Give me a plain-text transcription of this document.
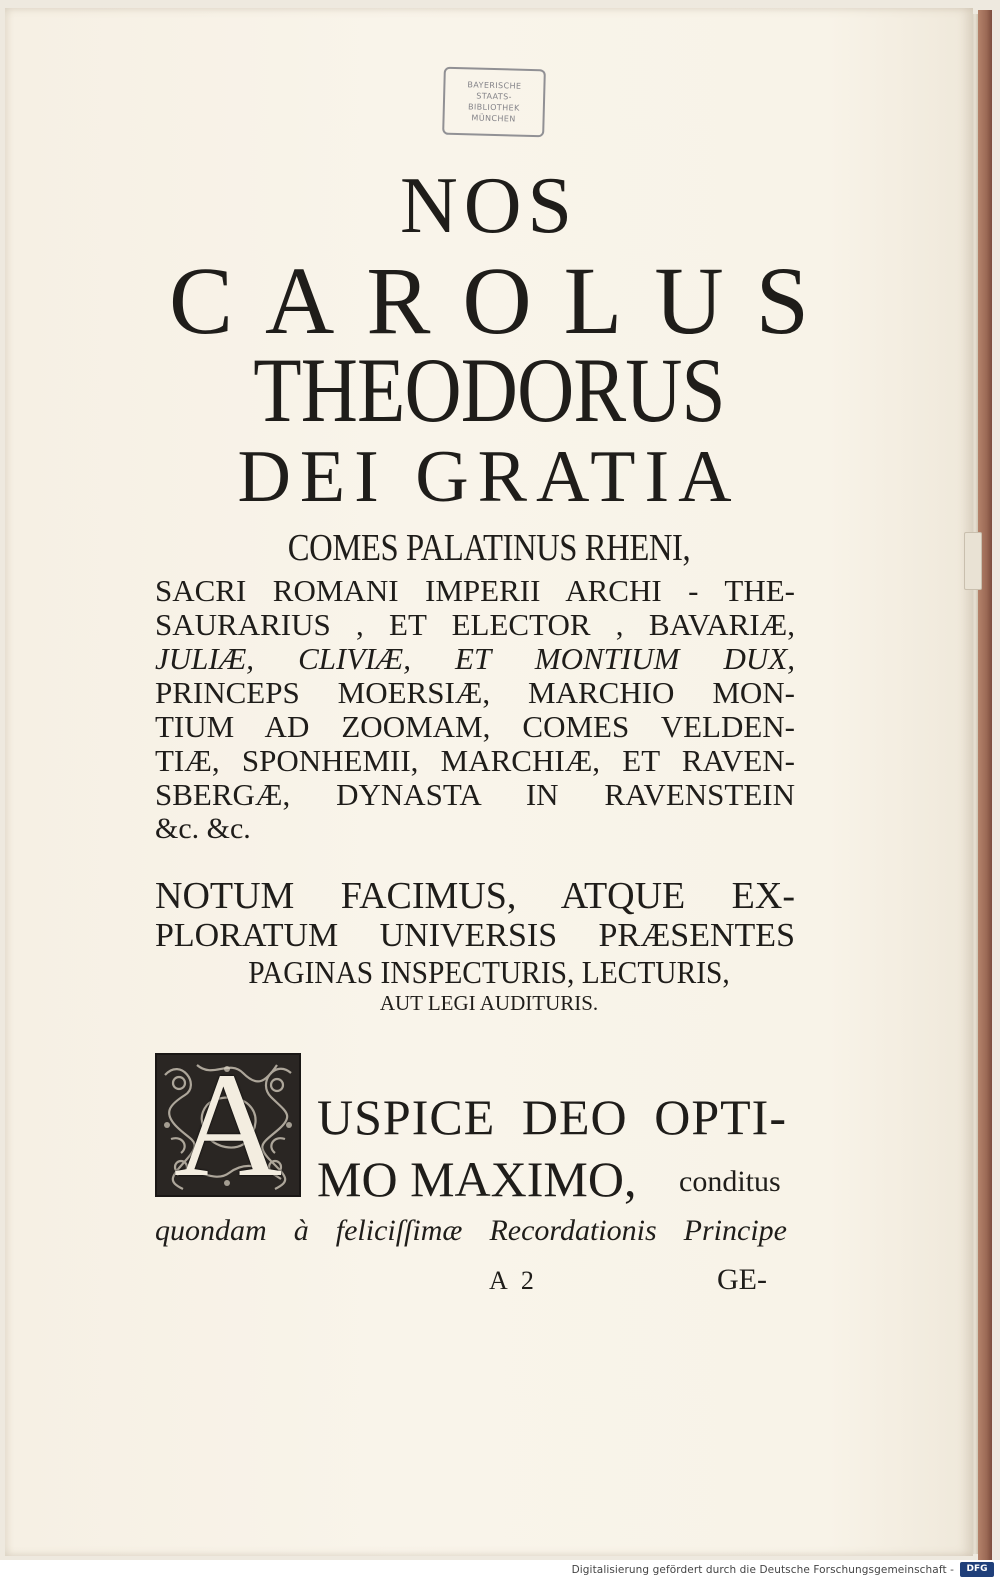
BAYERISCHE
STAATS-
BIBLIOTHEK
MÜNCHEN
NOS
CAROLUS
THEODORUS
DEI GRATIA
COMES PALATINUS RHENI,
SACRI ROMANI IMPERII ARCHI - THE-
SAURARIUS , ET ELECTOR , BAVARIÆ,
JULIÆ, CLIVIÆ, ET MONTIUM DUX,
PRINCEPS MOERSIÆ, MARCHIO MON-
TIUM AD ZOOMAM, COMES VELDEN-
TIÆ, SPONHEMII, MARCHIÆ, ET RAVEN-
SBERGÆ, DYNASTA IN RAVENSTEIN
&c. &c.
NOTUM FACIMUS, ATQUE EX-
PLORATUM UNIVERSIS PRÆSENTES
PAGINAS INSPECTURIS, LECTURIS,
AUT LEGI AUDITURIS.
A USPICE DEO OPTI-
MO MAXIMO, conditus
quondam à feliciſſimæ Recordationis Principe
A 2	GE-
Digitalisierung gefördert durch die Deutsche Forschungsgemeinschaft -	DFG
